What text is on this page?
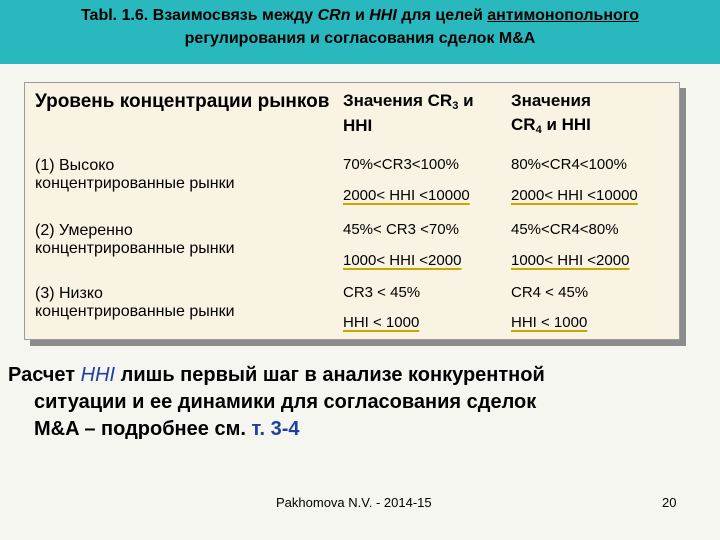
Tabl. 1.6. Взаимосвязь между CRn и HHI для целей антимонопольного
регулирования и согласования сделок M&A
Уровень концентрации рынков Значения $CR_3$ и
HHI
Значения
$CR_4$ и HHI
(1) Высоко
концентрированные рынки
70%<CR3<100%
2000< HHI <10000
80%<CR4<100%
2000< HHI <10000
(2) Умеренно
концентрированные рынки
45%< CR3 <70%
1000< HHI <2000
45%<CR4<80%
1000< HHI <2000
(3) Низко
концентрированные рынки
CR3 < 45%
HHI < 1000
CR4 < 45%
HHI < 1000
Расчет HHI лишь первый шаг в анализе конкурентной
ситуации и ее динамики для согласования сделок
M&A – подробнее см. т. 3-4
Pakhomova N.V. - 2014-15	20
